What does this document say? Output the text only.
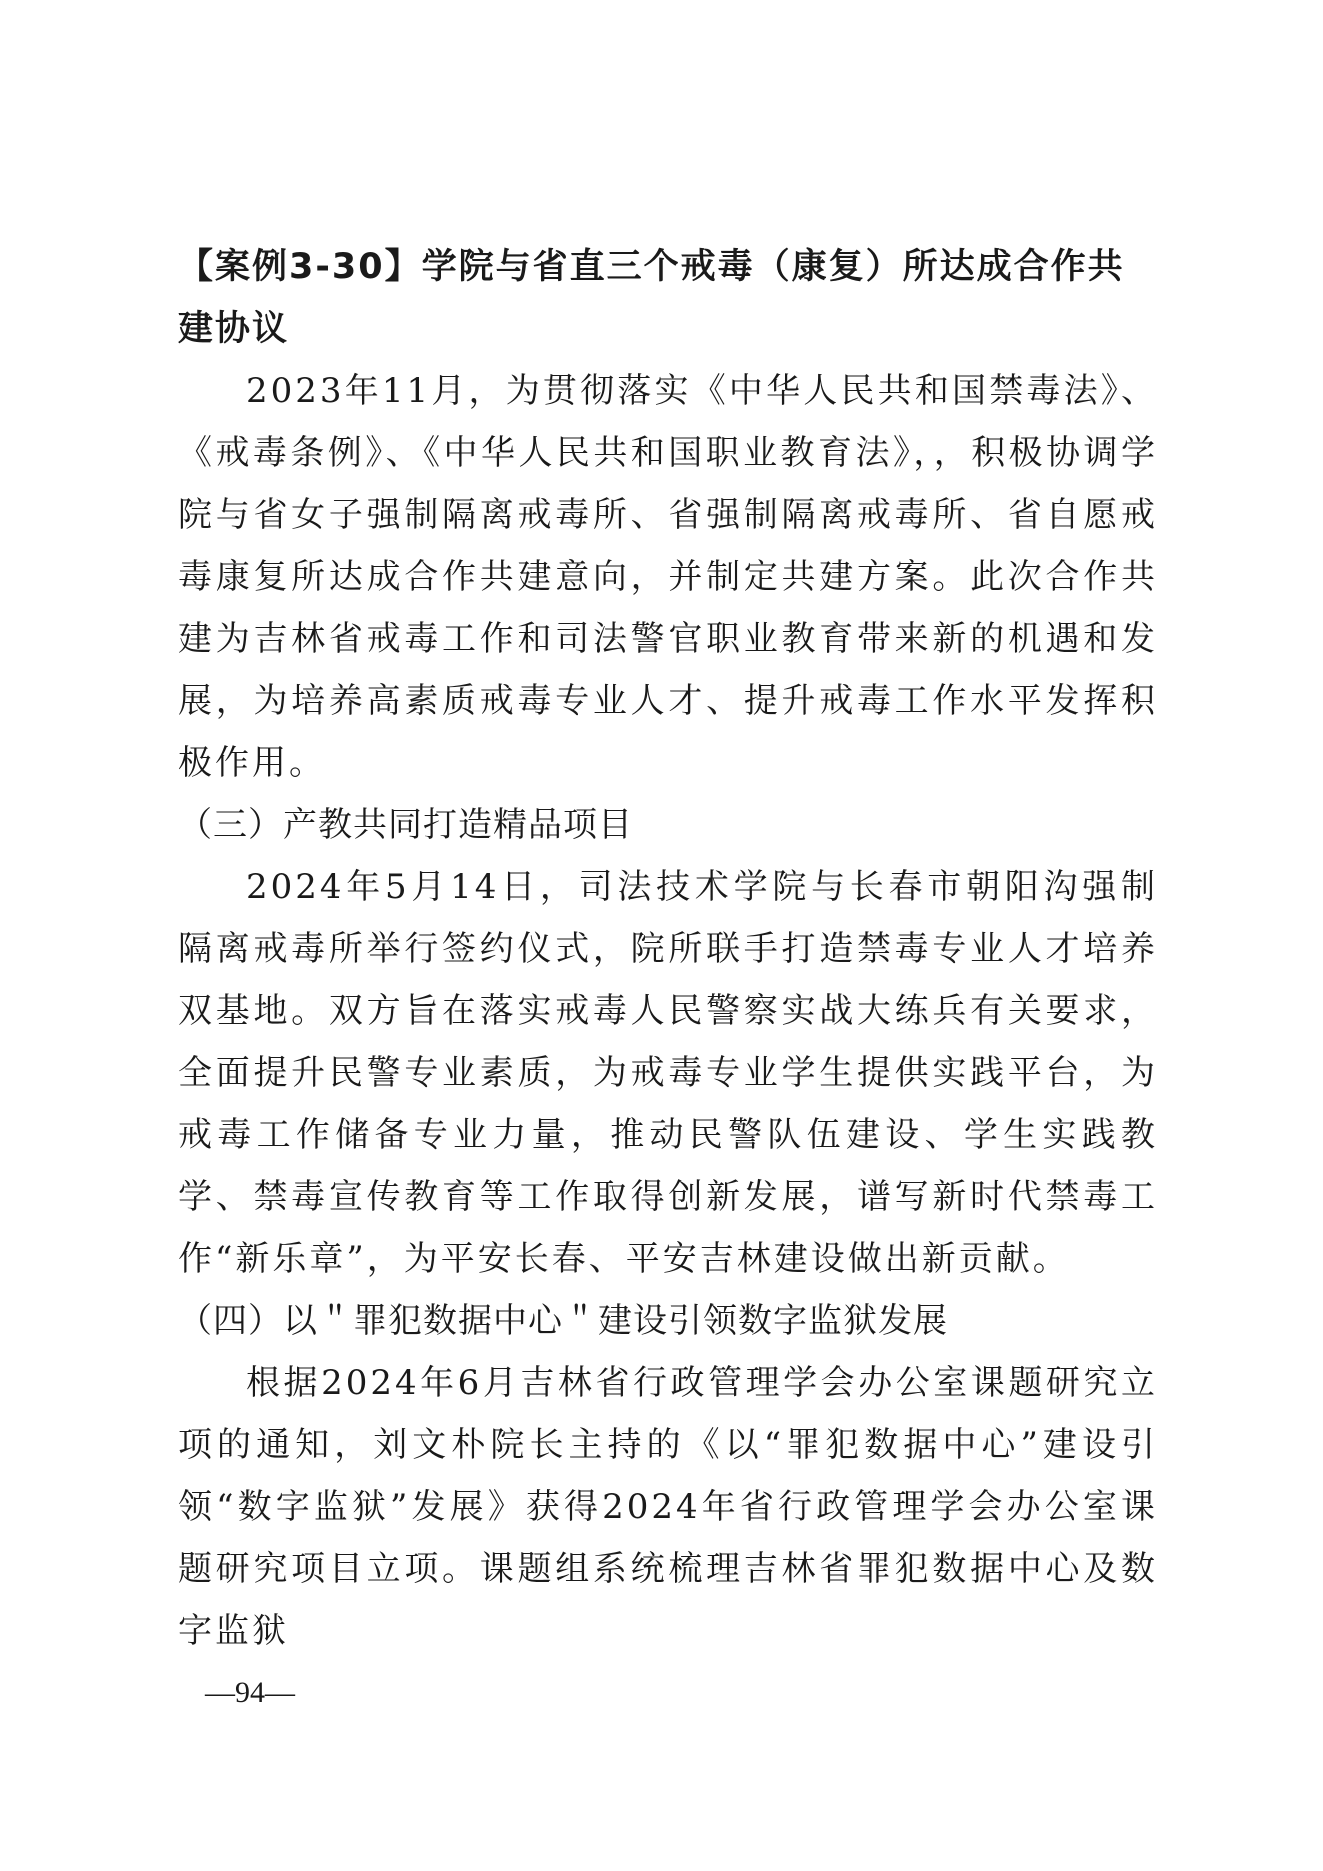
【案例3-30】学院与省直三个戒毒（康复）所达成合作共建协议

2023年11月，为贯彻落实《中华人民共和国禁毒法》、《戒毒条例》、《中华人民共和国职业教育法》，，积极协调学院与省女子强制隔离戒毒所、省强制隔离戒毒所、省自愿戒毒康复所达成合作共建意向，并制定共建方案。此次合作共建为吉林省戒毒工作和司法警官职业教育带来新的机遇和发展，为培养高素质戒毒专业人才、提升戒毒工作水平发挥积极作用。

（三）产教共同打造精品项目

2024年5月14日，司法技术学院与长春市朝阳沟强制隔离戒毒所举行签约仪式，院所联手打造禁毒专业人才培养双基地。双方旨在落实戒毒人民警察实战大练兵有关要求，全面提升民警专业素质，为戒毒专业学生提供实践平台，为戒毒工作储备专业力量，推动民警队伍建设、学生实践教学、禁毒宣传教育等工作取得创新发展，谱写新时代禁毒工作“新乐章”，为平安长春、平安吉林建设做出新贡献。

（四）以＂罪犯数据中心＂建设引领数字监狱发展

根据2024年6月吉林省行政管理学会办公室课题研究立项的通知，刘文朴院长主持的《以“罪犯数据中心”建设引领“数字监狱”发展》获得2024年省行政管理学会办公室课题研究项目立项。课题组系统梳理吉林省罪犯数据中心及数字监狱

—94—
